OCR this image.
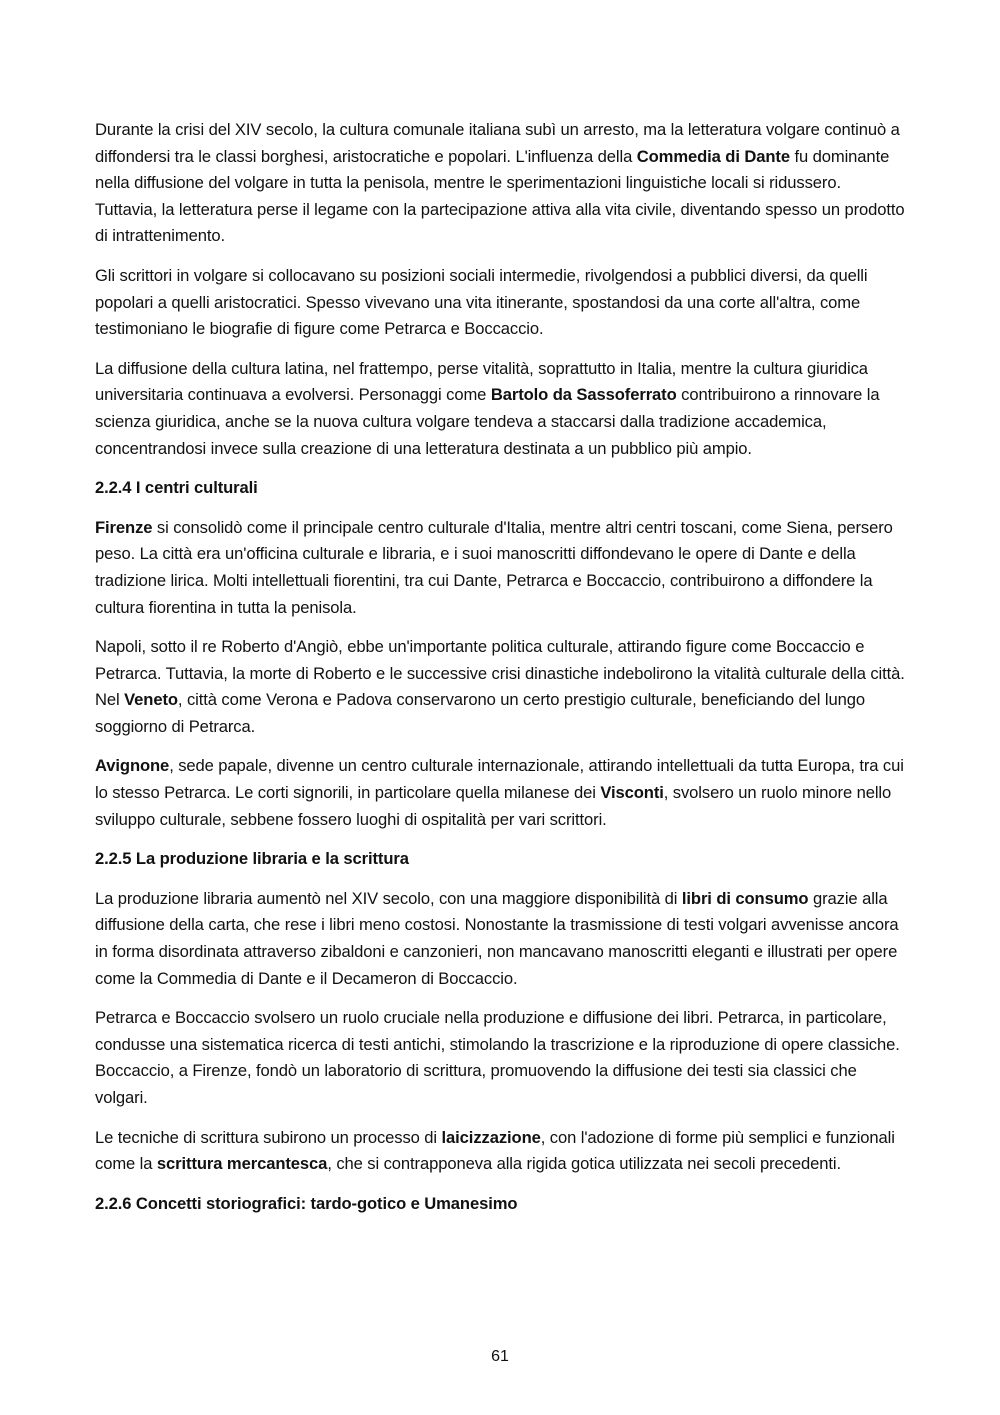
Durante la crisi del XIV secolo, la cultura comunale italiana subì un arresto, ma la letteratura volgare continuò a diffondersi tra le classi borghesi, aristocratiche e popolari. L'influenza della Commedia di Dante fu dominante nella diffusione del volgare in tutta la penisola, mentre le sperimentazioni linguistiche locali si ridussero. Tuttavia, la letteratura perse il legame con la partecipazione attiva alla vita civile, diventando spesso un prodotto di intrattenimento.

Gli scrittori in volgare si collocavano su posizioni sociali intermedie, rivolgendosi a pubblici diversi, da quelli popolari a quelli aristocratici. Spesso vivevano una vita itinerante, spostandosi da una corte all'altra, come testimoniano le biografie di figure come Petrarca e Boccaccio.

La diffusione della cultura latina, nel frattempo, perse vitalità, soprattutto in Italia, mentre la cultura giuridica universitaria continuava a evolversi. Personaggi come Bartolo da Sassoferrato contribuirono a rinnovare la scienza giuridica, anche se la nuova cultura volgare tendeva a staccarsi dalla tradizione accademica, concentrandosi invece sulla creazione di una letteratura destinata a un pubblico più ampio.

2.2.4 I centri culturali

Firenze si consolidò come il principale centro culturale d'Italia, mentre altri centri toscani, come Siena, persero peso. La città era un'officina culturale e libraria, e i suoi manoscritti diffondevano le opere di Dante e della tradizione lirica. Molti intellettuali fiorentini, tra cui Dante, Petrarca e Boccaccio, contribuirono a diffondere la cultura fiorentina in tutta la penisola.

Napoli, sotto il re Roberto d'Angiò, ebbe un'importante politica culturale, attirando figure come Boccaccio e Petrarca. Tuttavia, la morte di Roberto e le successive crisi dinastiche indebolirono la vitalità culturale della città. Nel Veneto, città come Verona e Padova conservarono un certo prestigio culturale, beneficiando del lungo soggiorno di Petrarca.

Avignone, sede papale, divenne un centro culturale internazionale, attirando intellettuali da tutta Europa, tra cui lo stesso Petrarca. Le corti signorili, in particolare quella milanese dei Visconti, svolsero un ruolo minore nello sviluppo culturale, sebbene fossero luoghi di ospitalità per vari scrittori.

2.2.5 La produzione libraria e la scrittura

La produzione libraria aumentò nel XIV secolo, con una maggiore disponibilità di libri di consumo grazie alla diffusione della carta, che rese i libri meno costosi. Nonostante la trasmissione di testi volgari avvenisse ancora in forma disordinata attraverso zibaldoni e canzonieri, non mancavano manoscritti eleganti e illustrati per opere come la Commedia di Dante e il Decameron di Boccaccio.

Petrarca e Boccaccio svolsero un ruolo cruciale nella produzione e diffusione dei libri. Petrarca, in particolare, condusse una sistematica ricerca di testi antichi, stimolando la trascrizione e la riproduzione di opere classiche. Boccaccio, a Firenze, fondò un laboratorio di scrittura, promuovendo la diffusione dei testi sia classici che volgari.

Le tecniche di scrittura subirono un processo di laicizzazione, con l'adozione di forme più semplici e funzionali come la scrittura mercantesca, che si contrapponeva alla rigida gotica utilizzata nei secoli precedenti.

2.2.6 Concetti storiografici: tardo-gotico e Umanesimo
61
